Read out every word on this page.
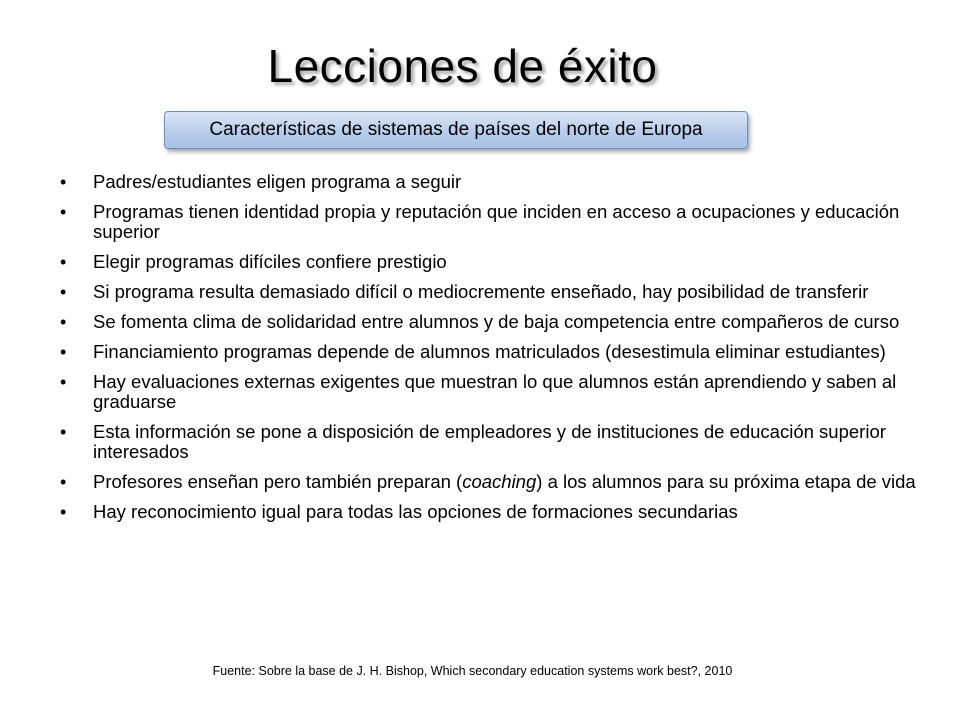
Lecciones de éxito
Características de sistemas de países del norte de Europa
• Padres/estudiantes eligen programa a seguir
• Programas tienen identidad propia y reputación que inciden en acceso a ocupaciones y educación superior
• Elegir programas difíciles confiere prestigio
• Si programa resulta demasiado difícil o mediocremente enseñado, hay posibilidad de transferir
• Se fomenta clima de solidaridad entre alumnos y de baja competencia entre compañeros de curso
• Financiamiento programas depende de alumnos matriculados (desestimula eliminar estudiantes)
• Hay evaluaciones externas exigentes que muestran lo que alumnos están aprendiendo y saben al graduarse
• Esta información se pone a disposición de empleadores y de instituciones de educación superior interesados
• Profesores enseñan pero también preparan (coaching) a los alumnos para su próxima etapa de vida
• Hay reconocimiento igual para todas las opciones de formaciones secundarias
Fuente: Sobre la base de J. H. Bishop, Which secondary education systems work best?, 2010
